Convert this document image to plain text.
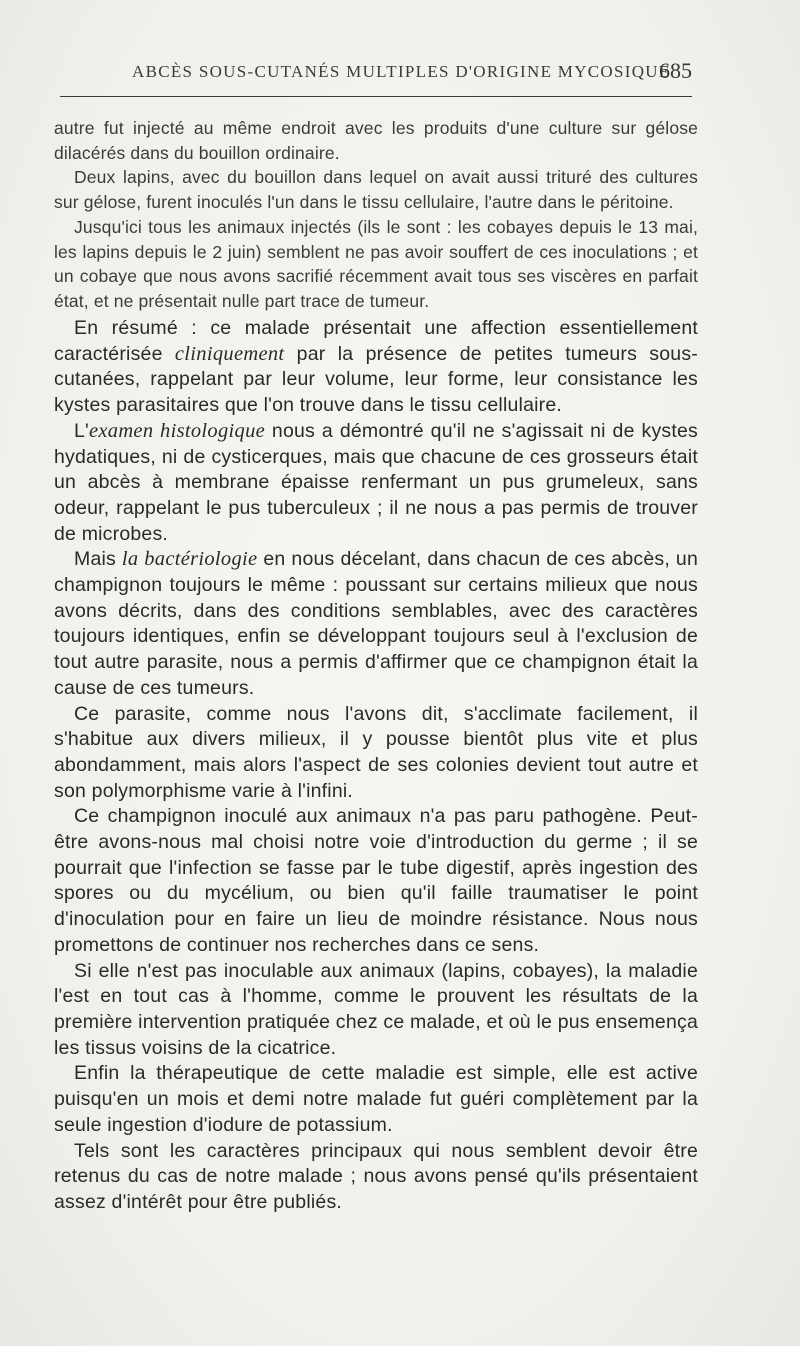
ABCÈS SOUS-CUTANÉS MULTIPLES D'ORIGINE MYCOSIQUE
685

autre fut injecté au même endroit avec les produits d'une culture sur gélose dilacérés dans du bouillon ordinaire.

Deux lapins, avec du bouillon dans lequel on avait aussi trituré des cultures sur gélose, furent inoculés l'un dans le tissu cellulaire, l'autre dans le péritoine.

Jusqu'ici tous les animaux injectés (ils le sont : les cobayes depuis le 13 mai, les lapins depuis le 2 juin) semblent ne pas avoir souffert de ces inoculations ; et un cobaye que nous avons sacrifié récemment avait tous ses viscères en parfait état, et ne présentait nulle part trace de tumeur.

En résumé : ce malade présentait une affection essentiellement caractérisée cliniquement par la présence de petites tumeurs sous-cutanées, rappelant par leur volume, leur forme, leur consistance les kystes parasitaires que l'on trouve dans le tissu cellulaire.

L'examen histologique nous a démontré qu'il ne s'agissait ni de kystes hydatiques, ni de cysticerques, mais que chacune de ces grosseurs était un abcès à membrane épaisse renfermant un pus grumeleux, sans odeur, rappelant le pus tuberculeux ; il ne nous a pas permis de trouver de microbes.

Mais la bactériologie en nous décelant, dans chacun de ces abcès, un champignon toujours le même : poussant sur certains milieux que nous avons décrits, dans des conditions semblables, avec des caractères toujours identiques, enfin se développant toujours seul à l'exclusion de tout autre parasite, nous a permis d'affirmer que ce champignon était la cause de ces tumeurs.

Ce parasite, comme nous l'avons dit, s'acclimate facilement, il s'habitue aux divers milieux, il y pousse bientôt plus vite et plus abondamment, mais alors l'aspect de ses colonies devient tout autre et son polymorphisme varie à l'infini.

Ce champignon inoculé aux animaux n'a pas paru pathogène. Peut-être avons-nous mal choisi notre voie d'introduction du germe ; il se pourrait que l'infection se fasse par le tube digestif, après ingestion des spores ou du mycélium, ou bien qu'il faille traumatiser le point d'inoculation pour en faire un lieu de moindre résistance. Nous nous promettons de continuer nos recherches dans ce sens.

Si elle n'est pas inoculable aux animaux (lapins, cobayes), la maladie l'est en tout cas à l'homme, comme le prouvent les résultats de la première intervention pratiquée chez ce malade, et où le pus ensemença les tissus voisins de la cicatrice.

Enfin la thérapeutique de cette maladie est simple, elle est active puisqu'en un mois et demi notre malade fut guéri complètement par la seule ingestion d'iodure de potassium.

Tels sont les caractères principaux qui nous semblent devoir être retenus du cas de notre malade ; nous avons pensé qu'ils présentaient assez d'intérêt pour être publiés.
